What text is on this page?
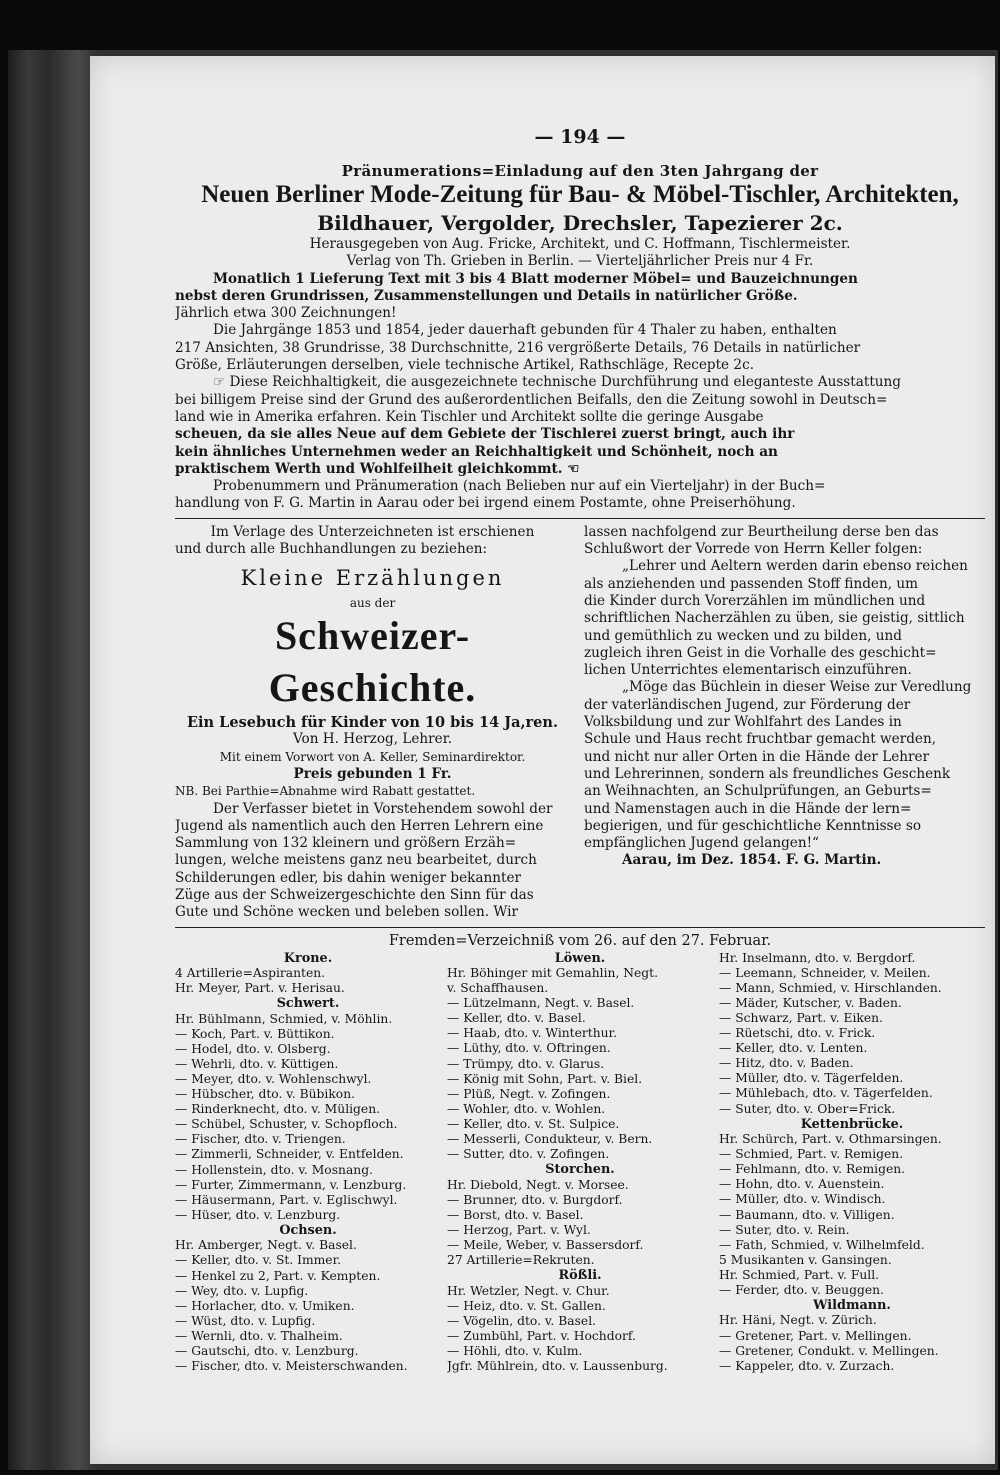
— 194 —
Pränumerations=Einladung auf den 3ten Jahrgang der
Neuen Berliner Mode-Zeitung für Bau- & Möbel-Tischler, Architekten,
Bildhauer, Vergolder, Drechsler, Tapezierer 2c.
Herausgegeben von Aug. Fricke, Architekt, und C. Hoffmann, Tischlermeister.
Verlag von Th. Grieben in Berlin. — Vierteljährlicher Preis nur 4 Fr.
Monatlich 1 Lieferung Text mit 3 bis 4 Blatt moderner Möbel= und Bauzeichnungen
nebst deren Grundrissen, Zusammenstellungen und Details in natürlicher Größe.
Jährlich etwa 300 Zeichnungen!
Die Jahrgänge 1853 und 1854, jeder dauerhaft gebunden für 4 Thaler zu haben, enthalten
217 Ansichten, 38 Grundrisse, 38 Durchschnitte, 216 vergrößerte Details, 76 Details in natürlicher
Größe, Erläuterungen derselben, viele technische Artikel, Rathschläge, Recepte 2c.
☞ Diese Reichhaltigkeit, die ausgezeichnete technische Durchführung und eleganteste Ausstattung
bei billigem Preise sind der Grund des außerordentlichen Beifalls, den die Zeitung sowohl in Deutsch=
land wie in Amerika erfahren. Kein Tischler und Architekt sollte die geringe Ausgabe
scheuen, da sie alles Neue auf dem Gebiete der Tischlerei zuerst bringt, auch ihr
kein ähnliches Unternehmen weder an Reichhaltigkeit und Schönheit, noch an
praktischem Werth und Wohlfeilheit gleichkommt. ☜
Probenummern und Pränumeration (nach Belieben nur auf ein Vierteljahr) in der Buch=
handlung von F. G. Martin in Aarau oder bei irgend einem Postamte, ohne Preiserhöhung.
Im Verlage des Unterzeichneten ist erschienen
und durch alle Buchhandlungen zu beziehen:
Kleine Erzählungen
aus der
Schweizer-Geschichte.
Ein Lesebuch für Kinder von 10 bis 14 Ja,ren.
Von H. Herzog, Lehrer.
Mit einem Vorwort von A. Keller, Seminardirektor.
Preis gebunden 1 Fr.
NB. Bei Parthie=Abnahme wird Rabatt gestattet.
Der Verfasser bietet in Vorstehendem sowohl der
Jugend als namentlich auch den Herren Lehrern eine
Sammlung von 132 kleinern und größern Erzäh=
lungen, welche meistens ganz neu bearbeitet, durch
Schilderungen edler, bis dahin weniger bekannter
Züge aus der Schweizergeschichte den Sinn für das
Gute und Schöne wecken und beleben sollen. Wir
lassen nachfolgend zur Beurtheilung derse ben das
Schlußwort der Vorrede von Herrn Keller folgen:
„Lehrer und Aeltern werden darin ebenso reichen
als anziehenden und passenden Stoff finden, um
die Kinder durch Vorerzählen im mündlichen und
schriftlichen Nacherzählen zu üben, sie geistig, sittlich
und gemüthlich zu wecken und zu bilden, und
zugleich ihren Geist in die Vorhalle des geschicht=
lichen Unterrichtes elementarisch einzuführen.
„Möge das Büchlein in dieser Weise zur Veredlung
der vaterländischen Jugend, zur Förderung der
Volksbildung und zur Wohlfahrt des Landes in
Schule und Haus recht fruchtbar gemacht werden,
und nicht nur aller Orten in die Hände der Lehrer
und Lehrerinnen, sondern als freundliches Geschenk
an Weihnachten, an Schulprüfungen, an Geburts=
und Namenstagen auch in die Hände der lern=
begierigen, und für geschichtliche Kenntnisse so
empfänglichen Jugend gelangen!“
Aarau, im Dez. 1854. F. G. Martin.
Fremden=Verzeichniß vom 26. auf den 27. Februar.
Krone.
4 Artillerie=Aspiranten.
Hr. Meyer, Part. v. Herisau.
Schwert.
Hr. Bühlmann, Schmied, v. Möhlin.
— Koch, Part. v. Büttikon.
— Hodel, dto. v. Olsberg.
— Wehrli, dto. v. Küttigen.
— Meyer, dto. v. Wohlenschwyl.
— Hübscher, dto. v. Bübikon.
— Rinderknecht, dto. v. Müligen.
— Schübel, Schuster, v. Schopfloch.
— Fischer, dto. v. Triengen.
— Zimmerli, Schneider, v. Entfelden.
— Hollenstein, dto. v. Mosnang.
— Furter, Zimmermann, v. Lenzburg.
— Häusermann, Part. v. Eglischwyl.
— Hüser, dto. v. Lenzburg.
Ochsen.
Hr. Amberger, Negt. v. Basel.
— Keller, dto. v. St. Immer.
— Henkel zu 2, Part. v. Kempten.
— Wey, dto. v. Lupfig.
— Horlacher, dto. v. Umiken.
— Wüst, dto. v. Lupfig.
— Wernli, dto. v. Thalheim.
— Gautschi, dto. v. Lenzburg.
— Fischer, dto. v. Meisterschwanden.
Löwen.
Hr. Böhinger mit Gemahlin, Negt.
v. Schaffhausen.
— Lützelmann, Negt. v. Basel.
— Keller, dto. v. Basel.
— Haab, dto. v. Winterthur.
— Lüthy, dto. v. Oftringen.
— Trümpy, dto. v. Glarus.
— König mit Sohn, Part. v. Biel.
— Plüß, Negt. v. Zofingen.
— Wohler, dto. v. Wohlen.
— Keller, dto. v. St. Sulpice.
— Messerli, Condukteur, v. Bern.
— Sutter, dto. v. Zofingen.
Storchen.
Hr. Diebold, Negt. v. Morsee.
— Brunner, dto. v. Burgdorf.
— Borst, dto. v. Basel.
— Herzog, Part. v. Wyl.
— Meile, Weber, v. Bassersdorf.
27 Artillerie=Rekruten.
Rößli.
Hr. Wetzler, Negt. v. Chur.
— Heiz, dto. v. St. Gallen.
— Vögelin, dto. v. Basel.
— Zumbühl, Part. v. Hochdorf.
— Höhli, dto. v. Kulm.
Jgfr. Mühlrein, dto. v. Laussenburg.
Hr. Inselmann, dto. v. Bergdorf.
— Leemann, Schneider, v. Meilen.
— Mann, Schmied, v. Hirschlanden.
— Mäder, Kutscher, v. Baden.
— Schwarz, Part. v. Eiken.
— Rüetschi, dto. v. Frick.
— Keller, dto. v. Lenten.
— Hitz, dto. v. Baden.
— Müller, dto. v. Tägerfelden.
— Mühlebach, dto. v. Tägerfelden.
— Suter, dto. v. Ober=Frick.
Kettenbrücke.
Hr. Schürch, Part. v. Othmarsingen.
— Schmied, Part. v. Remigen.
— Fehlmann, dto. v. Remigen.
— Hohn, dto. v. Auenstein.
— Müller, dto. v. Windisch.
— Baumann, dto. v. Villigen.
— Suter, dto. v. Rein.
— Fath, Schmied, v. Wilhelmfeld.
5 Musikanten v. Gansingen.
Hr. Schmied, Part. v. Full.
— Ferder, dto. v. Beuggen.
Wildmann.
Hr. Häni, Negt. v. Zürich.
— Gretener, Part. v. Mellingen.
— Gretener, Condukt. v. Mellingen.
— Kappeler, dto. v. Zurzach.
